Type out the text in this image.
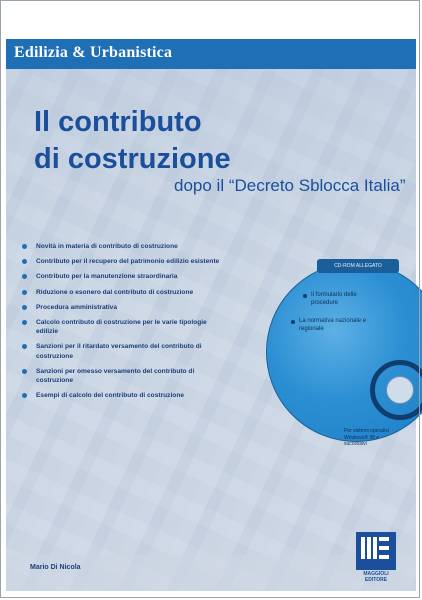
Edilizia & Urbanistica
Il contributo
di costruzione
dopo il “Decreto Sblocca Italia”
Novità in materia di contributo di costruzione
Contributo per il recupero del patrimonio edilizio esistente
Contributo per la manutenzione straordinaria
Riduzione o esonero dal contributo di costruzione
Procedura amministrativa
Calcolo contributo di costruzione per le varie tipologie edilizie
Sanzioni per il ritardato versamento del contributo di costruzione
Sanzioni per omesso versamento del contributo di costruzione
Esempi di calcolo del contributo di costruzione
CD-ROM ALLEGATO
Il formulario delle procedure
La normativa nazionale e regionale
Per sistemi operativi Windows® 98 e successivi
Mario Di Nicola
MAGGIOLI EDITORE
